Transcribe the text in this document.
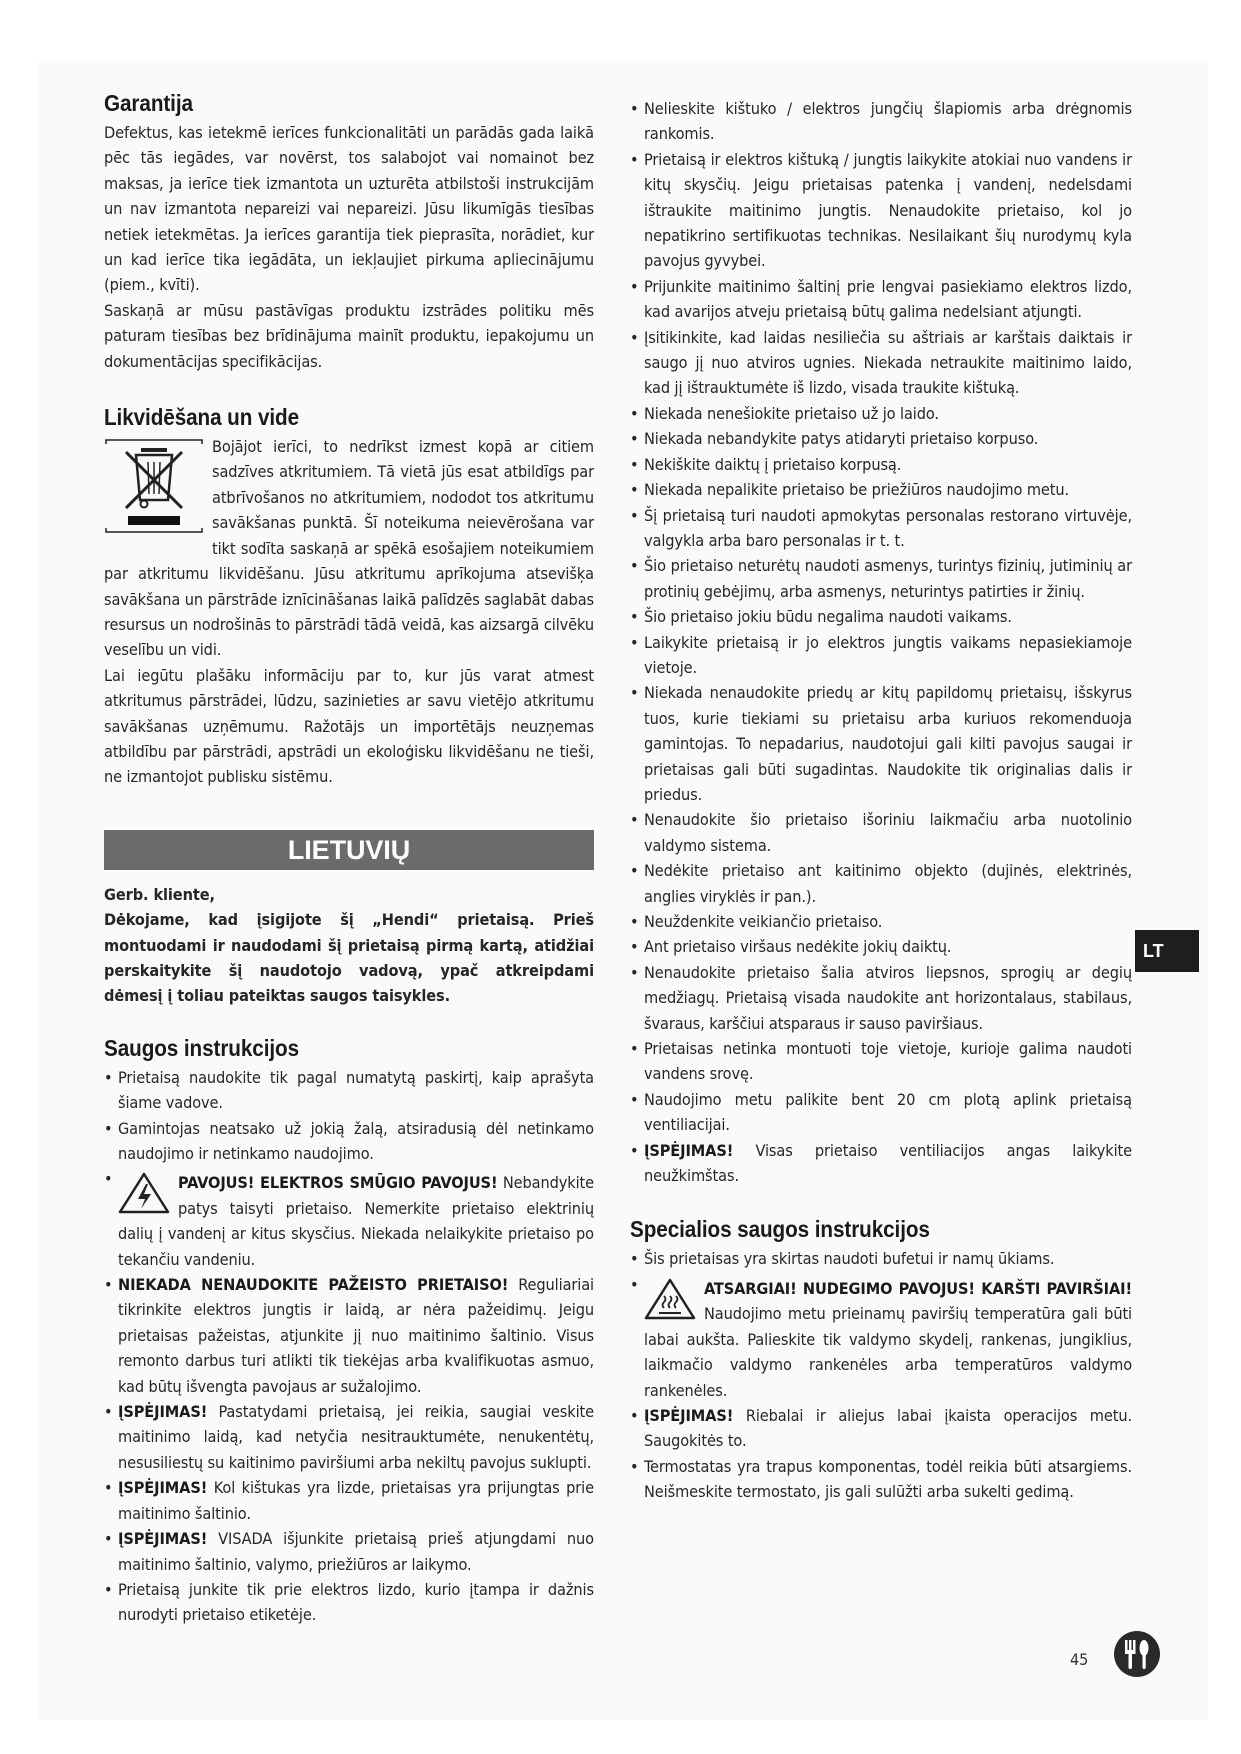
Garantija

Defektus, kas ietekmē ierīces funkcionalitāti un parādās gada laikā pēc tās iegādes, var novērst, tos salabojot vai nomainot bez maksas, ja ierīce tiek izmantota un uzturēta atbilstoši instrukcijām un nav izmantota nepareizi vai nepareizi. Jūsu likumīgās tiesības netiek ietekmētas. Ja ierīces garantija tiek pieprasīta, norādiet, kur un kad ierīce tika iegādāta, un iekļaujiet pirkuma apliecinājumu (piem., kvīti).

Saskaņā ar mūsu pastāvīgas produktu izstrādes politiku mēs paturam tiesības bez brīdinājuma mainīt produktu, iepakojumu un dokumentācijas specifikācijas.

Likvidēšana un vide

Bojājot ierīci, to nedrīkst izmest kopā ar citiem sadzīves atkritumiem. Tā vietā jūs esat atbildīgs par atbrīvošanos no atkritumiem, nododot tos atkritumu savākšanas punktā. Šī noteikuma neievērošana var tikt sodīta saskaņā ar spēkā esošajiem noteikumiem par atkritumu likvidēšanu. Jūsu atkritumu aprīkojuma atsevišķa savākšana un pārstrāde iznīcināšanas laikā palīdzēs saglabāt dabas resursus un nodrošinās to pārstrādi tādā veidā, kas aizsargā cilvēku veselību un vidi.

Lai iegūtu plašāku informāciju par to, kur jūs varat atmest atkritumus pārstrādei, lūdzu, sazinieties ar savu vietējo atkritumu savākšanas uzņēmumu. Ražotājs un importētājs neuzņemas atbildību par pārstrādi, apstrādi un ekoloģisku likvidēšanu ne tieši, ne izmantojot publisku sistēmu.

LIETUVIŲ

Gerb. kliente,

Dėkojame, kad įsigijote šį „Hendi“ prietaisą. Prieš montuodami ir naudodami šį prietaisą pirmą kartą, atidžiai perskaitykite šį naudotojo vadovą, ypač atkreipdami dėmesį į toliau pateiktas saugos taisykles.

Saugos instrukcijos
• Prietaisą naudokite tik pagal numatytą paskirtį, kaip aprašyta šiame vadove.
• Gamintojas neatsako už jokią žalą, atsiradusią dėl netinkamo naudojimo ir netinkamo naudojimo.
• PAVOJUS! ELEKTROS SMŪGIO PAVOJUS! Nebandykite patys taisyti prietaiso. Nemerkite prietaiso elektrinių dalių į vandenį ar kitus skysčius. Niekada nelaikykite prietaiso po tekančiu vandeniu.
• NIEKADA NENAUDOKITE PAŽEISTO PRIETAISO! Reguliariai tikrinkite elektros jungtis ir laidą, ar nėra pažeidimų. Jeigu prietaisas pažeistas, atjunkite jį nuo maitinimo šaltinio. Visus remonto darbus turi atlikti tik tiekėjas arba kvalifikuotas asmuo, kad būtų išvengta pavojaus ar sužalojimo.
• ĮSPĖJIMAS! Pastatydami prietaisą, jei reikia, saugiai veskite maitinimo laidą, kad netyčia nesitrauktumėte, nenukentėtų, nesusiliestų su kaitinimo paviršiumi arba nekiltų pavojus suklupti.
• ĮSPĖJIMAS! Kol kištukas yra lizde, prietaisas yra prijungtas prie maitinimo šaltinio.
• ĮSPĖJIMAS! VISADA išjunkite prietaisą prieš atjungdami nuo maitinimo šaltinio, valymo, priežiūros ar laikymo.
• Prietaisą junkite tik prie elektros lizdo, kurio įtampa ir dažnis nurodyti prietaiso etiketėje.
• Nelieskite kištuko / elektros jungčių šlapiomis arba drėgnomis rankomis.
• Prietaisą ir elektros kištuką / jungtis laikykite atokiai nuo vandens ir kitų skysčių. Jeigu prietaisas patenka į vandenį, nedelsdami ištraukite maitinimo jungtis. Nenaudokite prietaiso, kol jo nepatikrino sertifikuotas technikas. Nesilaikant šių nurodymų kyla pavojus gyvybei.
• Prijunkite maitinimo šaltinį prie lengvai pasiekiamo elektros lizdo, kad avarijos atveju prietaisą būtų galima nedelsiant atjungti.
• Įsitikinkite, kad laidas nesiliečia su aštriais ar karštais daiktais ir saugo jį nuo atviros ugnies. Niekada netraukite maitinimo laido, kad jį ištrauktumėte iš lizdo, visada traukite kištuką.
• Niekada nenešiokite prietaiso už jo laido.
• Niekada nebandykite patys atidaryti prietaiso korpuso.
• Nekiškite daiktų į prietaiso korpusą.
• Niekada nepalikite prietaiso be priežiūros naudojimo metu.
• Šį prietaisą turi naudoti apmokytas personalas restorano virtuvėje, valgykla arba baro personalas ir t. t.
• Šio prietaiso neturėtų naudoti asmenys, turintys fizinių, jutiminių ar protinių gebėjimų, arba asmenys, neturintys patirties ir žinių.
• Šio prietaiso jokiu būdu negalima naudoti vaikams.
• Laikykite prietaisą ir jo elektros jungtis vaikams nepasiekiamoje vietoje.
• Niekada nenaudokite priedų ar kitų papildomų prietaisų, išskyrus tuos, kurie tiekiami su prietaisu arba kuriuos rekomenduoja gamintojas. To nepadarius, naudotojui gali kilti pavojus saugai ir prietaisas gali būti sugadintas. Naudokite tik originalias dalis ir priedus.
• Nenaudokite šio prietaiso išoriniu laikmačiu arba nuotolinio valdymo sistema.
• Nedėkite prietaiso ant kaitinimo objekto (dujinės, elektrinės, anglies viryklės ir pan.).
• Neuždenkite veikiančio prietaiso.
• Ant prietaiso viršaus nedėkite jokių daiktų.
• Nenaudokite prietaiso šalia atviros liepsnos, sprogių ar degių medžiagų. Prietaisą visada naudokite ant horizontalaus, stabilaus, švaraus, karščiui atsparaus ir sauso paviršiaus.
• Prietaisas netinka montuoti toje vietoje, kurioje galima naudoti vandens srovę.
• Naudojimo metu palikite bent 20 cm plotą aplink prietaisą ventiliacijai.
• ĮSPĖJIMAS! Visas prietaiso ventiliacijos angas laikykite neužkimštas.
Specialios saugos instrukcijos
• Šis prietaisas yra skirtas naudoti bufetui ir namų ūkiams.
• ATSARGIAI! NUDEGIMO PAVOJUS! KARŠTI PAVIRŠIAI! Naudojimo metu prieinamų paviršių temperatūra gali būti labai aukšta. Palieskite tik valdymo skydelį, rankenas, jungiklius, laikmačio valdymo rankenėles arba temperatūros valdymo rankenėles.
• ĮSPĖJIMAS! Riebalai ir aliejus labai įkaista operacijos metu. Saugokitės to.
• Termostatas yra trapus komponentas, todėl reikia būti atsargiems. Neišmeskite termostato, jis gali sulūžti arba sukelti gedimą.
LT
45
